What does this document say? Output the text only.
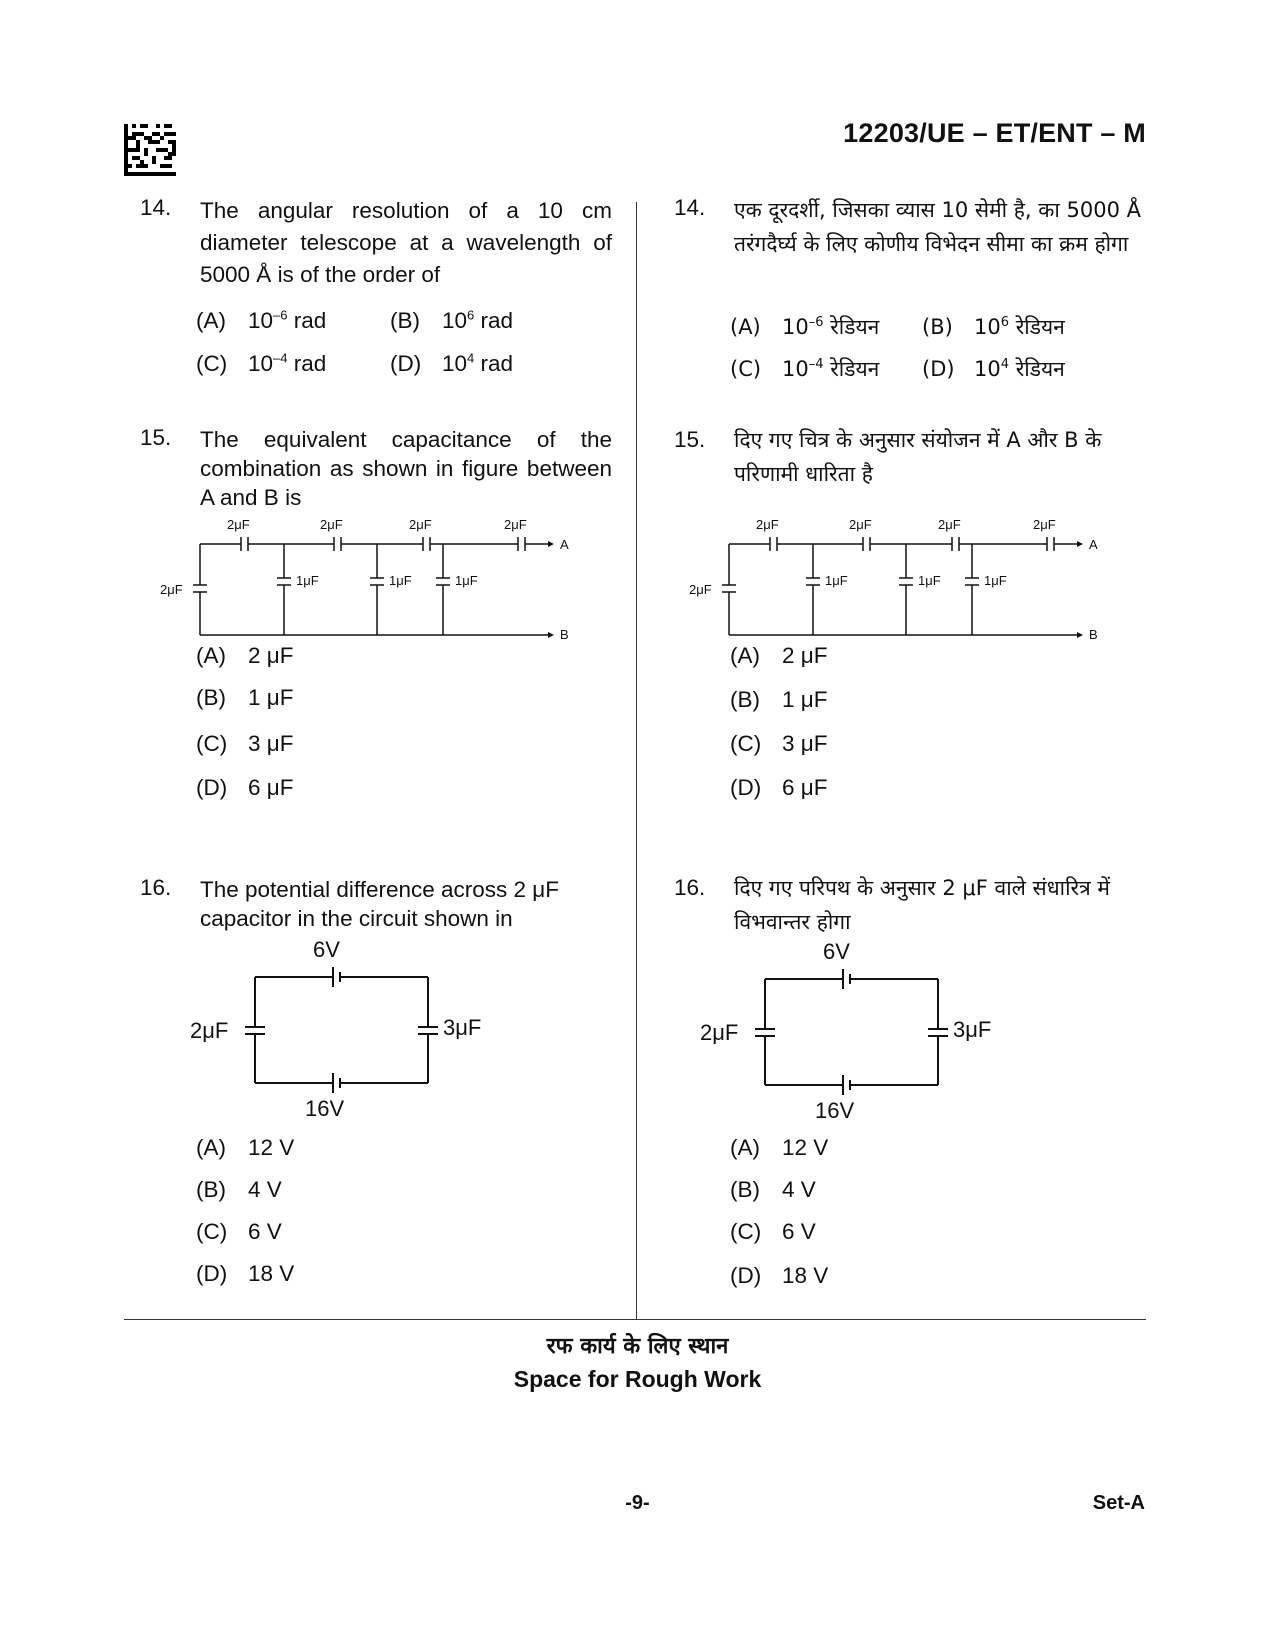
12203/UE – ET/ENT – M
14. The angular resolution of a 10 cm diameter telescope at a wavelength of 5000 Å is of the order of
(A) $10^{-6}$ rad	(B) $10^6$ rad
(C) $10^{-4}$ rad	(D) $10^4$ rad
15. The equivalent capacitance of the combination as shown in figure between A and B is
(A) 2 μF
(B) 1 μF
(C) 3 μF
(D) 6 μF
16. The potential difference across 2 μF capacitor in the circuit shown in
(A) 12 V
(B) 4 V
(C) 6 V
(D) 18 V
14. एक दूरदर्शी, जिसका व्यास 10 सेमी है, का 5000 Å तरंगदैर्घ्य के लिए कोणीय विभेदन सीमा का क्रम होगा
(A) $10^{-6}$ रेडियन (B) $10^6$ रेडियन
(C) $10^{-4}$ रेडियन (D) $10^4$ रेडियन
15. दिए गए चित्र के अनुसार संयोजन में A और B के परिणामी धारिता है
(A) 2 μF
(B) 1 μF
(C) 3 μF
(D) 6 μF
16. दिए गए परिपथ के अनुसार 2 μF वाले संधारित्र में विभवान्तर होगा
(A) 12 V
(B) 4 V
(C) 6 V
(D) 18 V
2μF	2μF	2μF	2μF
2μF
1μF	1μF	1μF
A
B
2μF	2μF	2μF	2μF
2μF
1μF	1μF	1μF
A
B
6V
16V
2μF	3μF
6V
16V
2μF	3μF
रफ कार्य के लिए स्थान
Space for Rough Work
-9-	Set-A
